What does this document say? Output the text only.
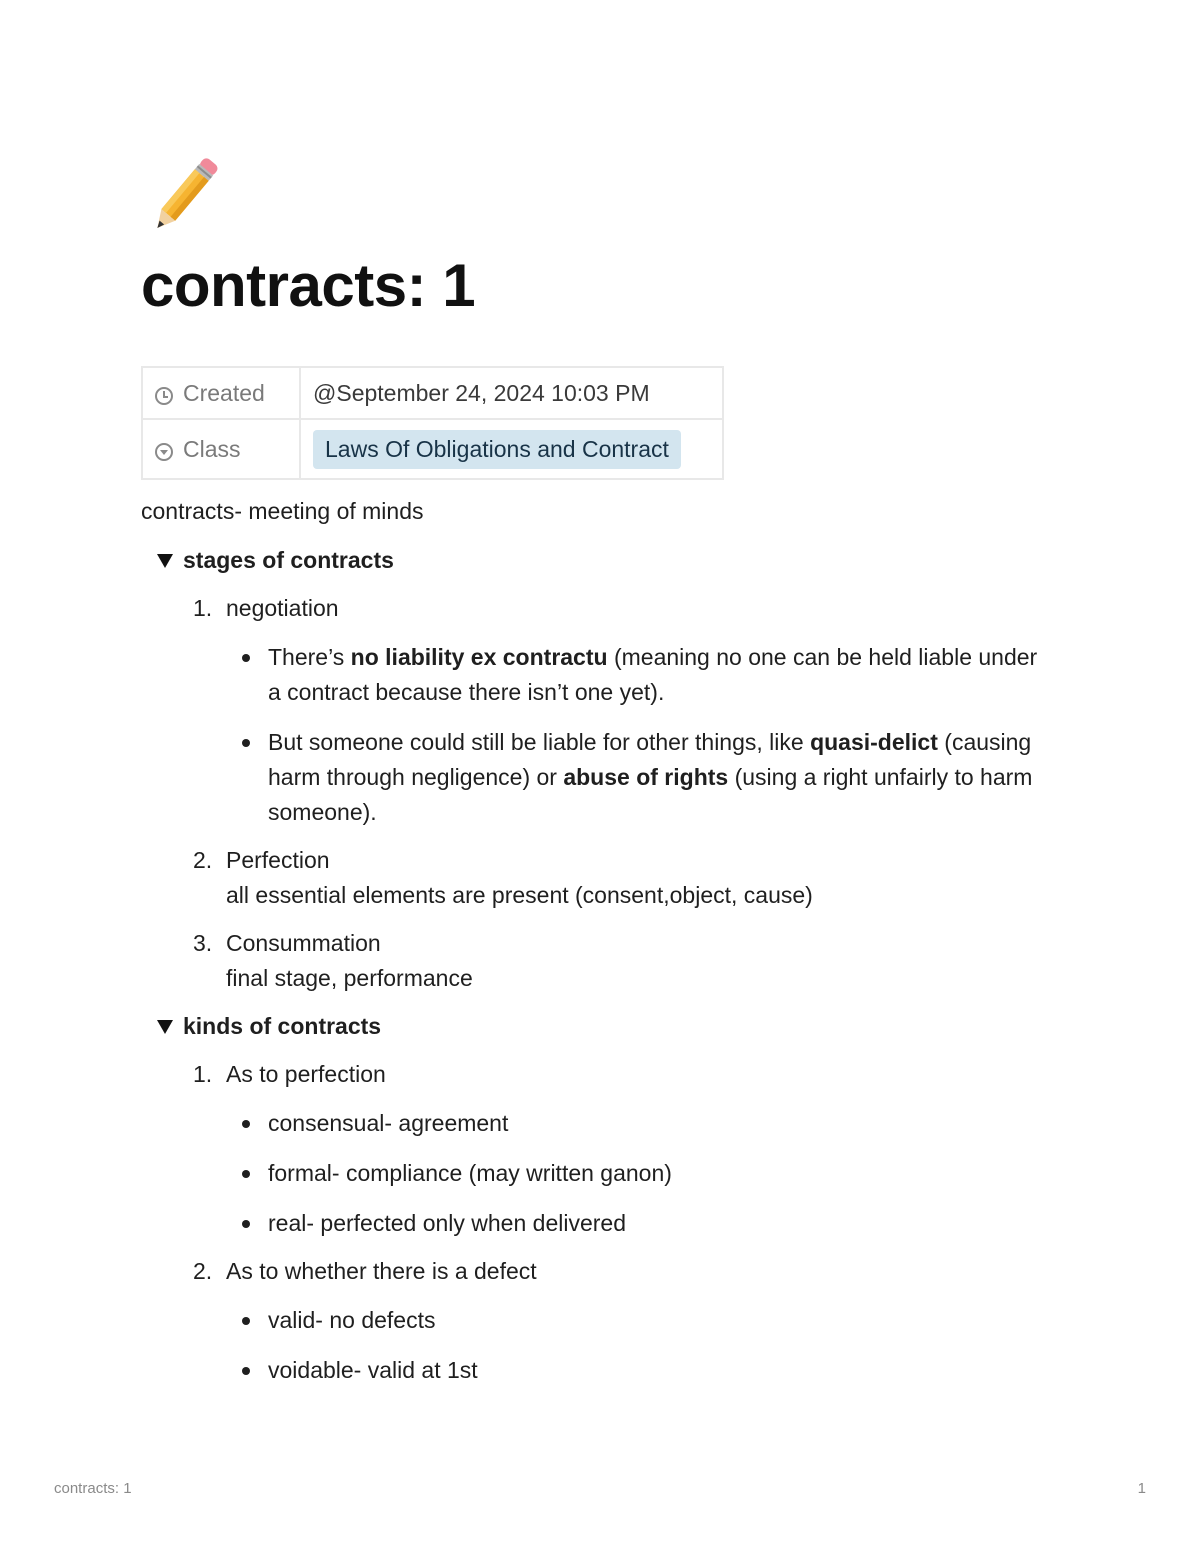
contracts: 1
Created	@September 24, 2024 10:03 PM
Class	Laws Of Obligations and Contract

contracts- meeting of minds

stages of contracts
1. negotiation
There’s no liability ex contractu (meaning no one can be held liable under a contract because there isn’t one yet).
But someone could still be liable for other things, like quasi-delict (causing harm through negligence) or abuse of rights (using a right unfairly to harm someone).
2. Perfection
all essential elements are present (consent,object, cause)
3. Consummation
final stage, performance
kinds of contracts
1. As to perfection
consensual- agreement
formal- compliance (may written ganon)
real- perfected only when delivered
2. As to whether there is a defect
valid- no defects
voidable- valid at 1st
contracts: 1	1
